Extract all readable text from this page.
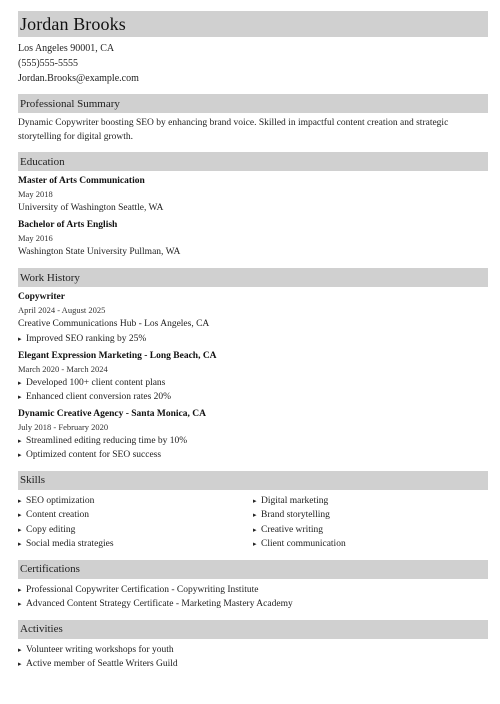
Jordan Brooks
Los Angeles 90001, CA
(555)555-5555
Jordan.Brooks@example.com
Professional Summary
Dynamic Copywriter boosting SEO by enhancing brand voice. Skilled in impactful content creation and strategic storytelling for digital growth.
Education
Master of Arts Communication
May 2018
University of Washington Seattle, WA
Bachelor of Arts English
May 2016
Washington State University Pullman, WA
Work History
Copywriter
April 2024 - August 2025
Creative Communications Hub - Los Angeles, CA
▸ Improved SEO ranking by 25%
Elegant Expression Marketing - Long Beach, CA
March 2020 - March 2024
▸ Developed 100+ client content plans
▸ Enhanced client conversion rates 20%
Dynamic Creative Agency - Santa Monica, CA
July 2018 - February 2020
▸ Streamlined editing reducing time by 10%
▸ Optimized content for SEO success
Skills
▸ SEO optimization
▸ Content creation
▸ Copy editing
▸ Social media strategies
▸ Digital marketing
▸ Brand storytelling
▸ Creative writing
▸ Client communication
Certifications
▸ Professional Copywriter Certification - Copywriting Institute
▸ Advanced Content Strategy Certificate - Marketing Mastery Academy
Activities
▸ Volunteer writing workshops for youth
▸ Active member of Seattle Writers Guild
